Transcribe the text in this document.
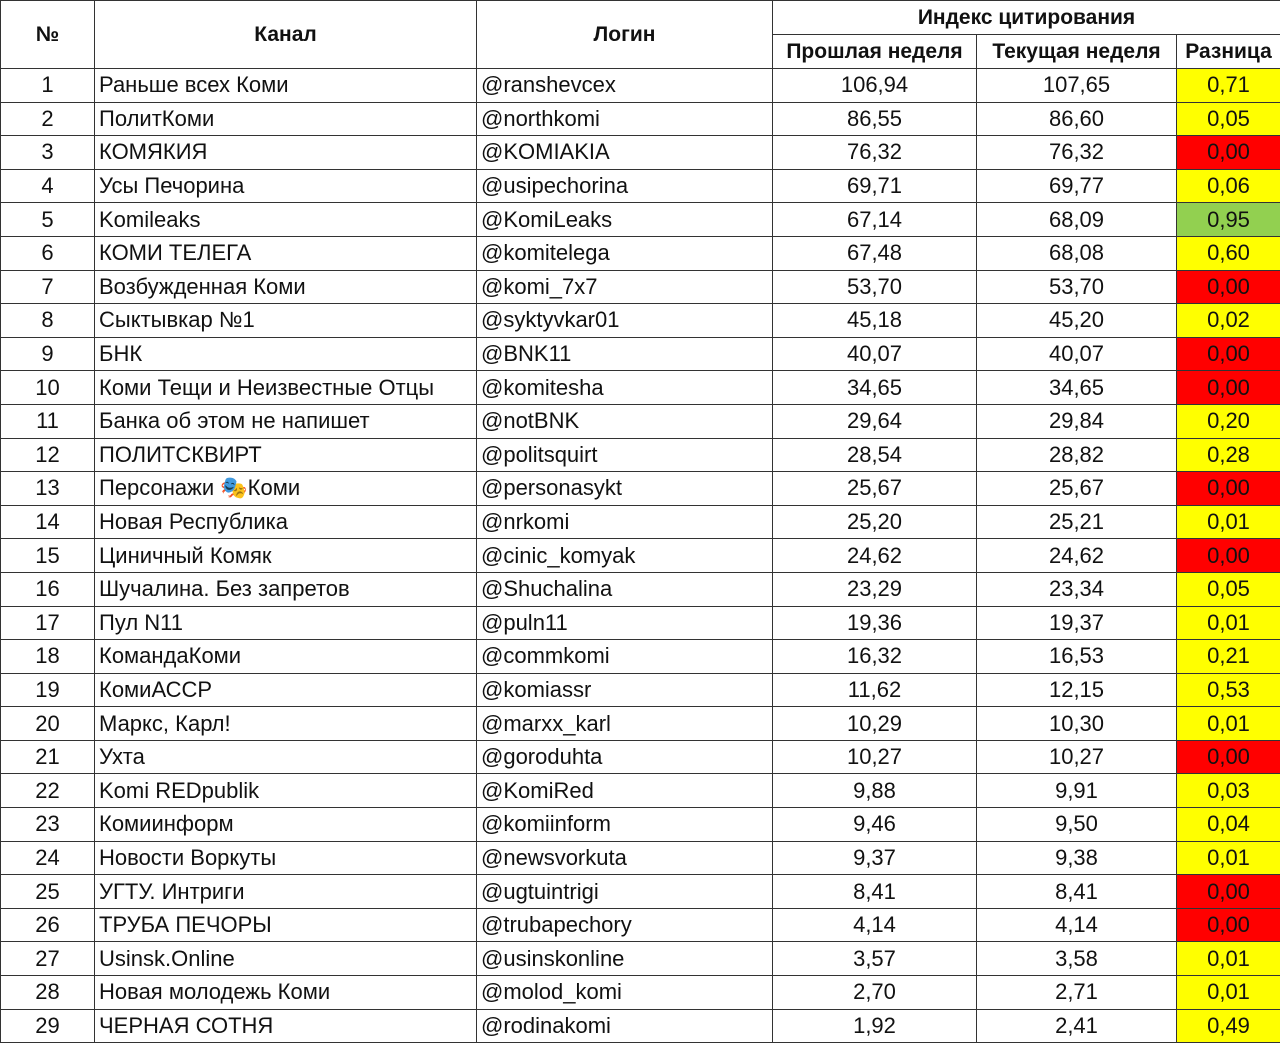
№	Канал	Логин	Индекс цитирования		
			Прошлая неделя	Текущая неделя	Разница
1	Раньше всех Коми	@ranshevcex	106,94	107,65	0,71
2	ПолитКоми	@northkomi	86,55	86,60	0,05
3	КОМЯКИЯ	@KOMIAKIA	76,32	76,32	0,00
4	Усы Печорина	@usipechorina	69,71	69,77	0,06
5	Komileaks	@KomiLeaks	67,14	68,09	0,95
6	КОМИ ТЕЛЕГА	@komitelega	67,48	68,08	0,60
7	Возбужденная Коми	@komi_7x7	53,70	53,70	0,00
8	Сыктывкар №1	@syktyvkar01	45,18	45,20	0,02
9	БНК	@BNK11	40,07	40,07	0,00
10	Коми Тещи и Неизвестные Отцы	@komitesha	34,65	34,65	0,00
11	Банка об этом не напишет	@notBNK	29,64	29,84	0,20
12	ПОЛИТСКВИРТ	@politsquirt	28,54	28,82	0,28
13	Персонажи 🎭Коми	@personasykt	25,67	25,67	0,00
14	Новая Республика	@nrkomi	25,20	25,21	0,01
15	Циничный Комяк	@cinic_komyak	24,62	24,62	0,00
16	Шучалина. Без запретов	@Shuchalina	23,29	23,34	0,05
17	Пул N11	@puln11	19,36	19,37	0,01
18	КомандаКоми	@commkomi	16,32	16,53	0,21
19	КомиАССР	@komiassr	11,62	12,15	0,53
20	Маркс, Карл!	@marxx_karl	10,29	10,30	0,01
21	Ухта	@goroduhta	10,27	10,27	0,00
22	Komi REDpublik	@KomiRed	9,88	9,91	0,03
23	Комиинформ	@komiinform	9,46	9,50	0,04
24	Новости Воркуты	@newsvorkuta	9,37	9,38	0,01
25	УГТУ. Интриги	@ugtuintrigi	8,41	8,41	0,00
26	ТРУБА ПЕЧОРЫ	@trubapechory	4,14	4,14	0,00
27	Usinsk.Online	@usinskonline	3,57	3,58	0,01
28	Новая молодежь Коми	@molod_komi	2,70	2,71	0,01
29	ЧЕРНАЯ СОТНЯ	@rodinakomi	1,92	2,41	0,49
